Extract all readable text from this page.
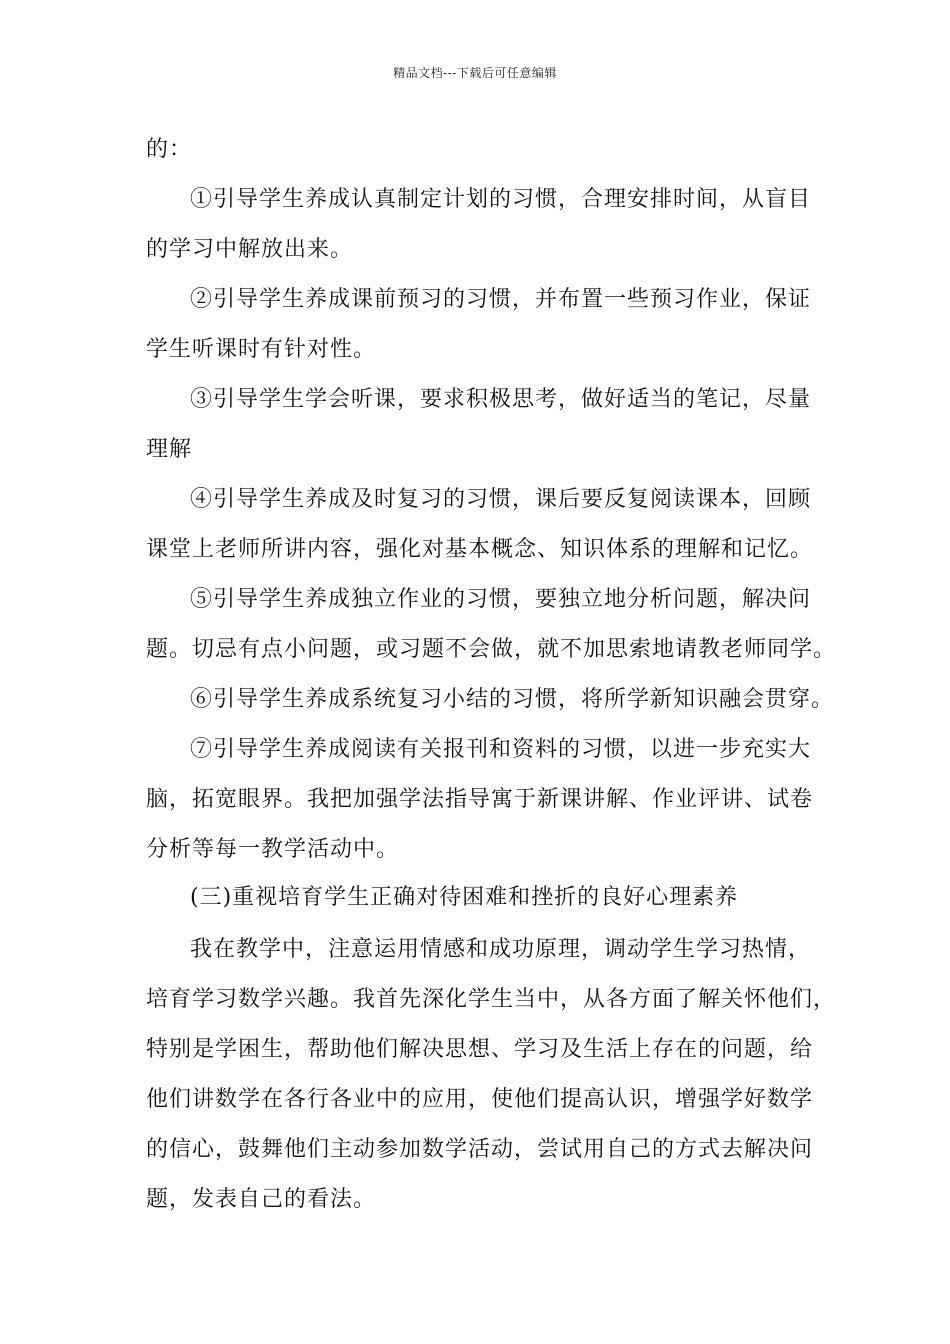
精品文档---下载后可任意编辑
的：
①引导学生养成认真制定计划的习惯，合理安排时间，从盲目
的学习中解放出来。
②引导学生养成课前预习的习惯，并布置一些预习作业，保证
学生听课时有针对性。
③引导学生学会听课，要求积极思考，做好适当的笔记，尽量
理解
④引导学生养成及时复习的习惯，课后要反复阅读课本，回顾
课堂上老师所讲内容，强化对基本概念、知识体系的理解和记忆。
⑤引导学生养成独立作业的习惯，要独立地分析问题，解决问
题。切忌有点小问题，或习题不会做，就不加思索地请教老师同学。
⑥引导学生养成系统复习小结的习惯，将所学新知识融会贯穿。
⑦引导学生养成阅读有关报刊和资料的习惯，以进一步充实大
脑，拓宽眼界。我把加强学法指导寓于新课讲解、作业评讲、试卷
分析等每一教学活动中。
(三)重视培育学生正确对待困难和挫折的良好心理素养
我在教学中，注意运用情感和成功原理，调动学生学习热情，
培育学习数学兴趣。我首先深化学生当中，从各方面了解关怀他们，
特别是学困生，帮助他们解决思想、学习及生活上存在的问题，给
他们讲数学在各行各业中的应用，使他们提高认识，增强学好数学
的信心，鼓舞他们主动参加数学活动，尝试用自己的方式去解决问
题，发表自己的看法。
